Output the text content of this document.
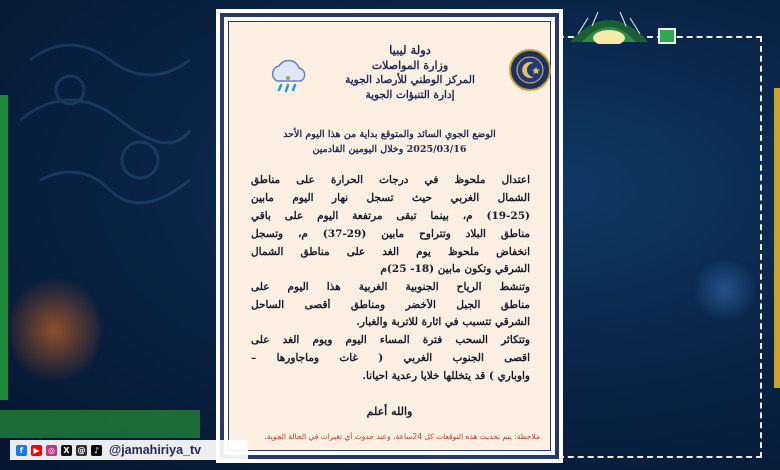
دولة ليبيا
وزارة المواصلات
المركز الوطني للأرصاد الجوية
إدارة التنبؤات الجوية
الوضع الجوي السائد والمتوقع بداية من هذا اليوم الأحد
2025/03/16 وخلال اليومين القادمين
اعتدال ملحوظ في درجات الحرارة على مناطق
الشمال الغربي حيث تسجل نهار اليوم مابين
(19-25) م، بينما تبقى مرتفعة اليوم على باقي
مناطق البلاد وتتراوح مابين (29-37) م، وتسجل
انخفاض ملحوظ يوم الغد على مناطق الشمال
الشرقي وتكون مابين (18- 25)م
وتنشط الرياح الجنوبية الغربية هذا اليوم على
مناطق الجبل الأخضر ومناطق أقصى الساحل
الشرقي تتسبب في اثارة للاتربة والغبار.
وتتكاثر السحب فترة المساء اليوم ويوم الغد على
اقصى الجنوب الغربي ( غات وماجاورها –
واوباري ) قد يتخللها خلايا رعدية احيانا.
والله أعلم
ملاحظة: يتم تحديث هذه التوقعات كل 24ساعة، وعند حدوث أي تغيرات في الحالة الجوية.
f	▶	◎	X @	♪ @jamahiriya_tv
